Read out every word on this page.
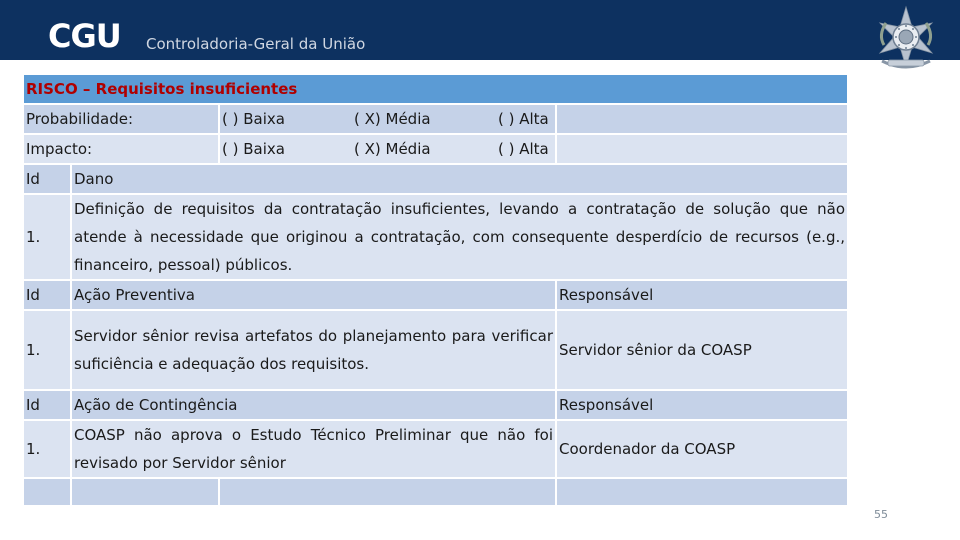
CGU Controladoria-Geral da União
RISCO – Requisitos insuficientes			
Probabilidade:		( ) Baixa ( X) Média ( ) Alta	
Impacto:		( ) Baixa ( X) Média ( ) Alta	
Id	Dano		
1.	Definição de requisitos da contratação insuficientes, levando a contratação de solução que não atende à necessidade que originou a contratação, com consequente desperdício de recursos (e.g., financeiro, pessoal) públicos.		
Id	Ação Preventiva		Responsável
1.	Servidor sênior revisa artefatos do planejamento para verificar suficiência e adequação dos requisitos.		Servidor sênior da COASP
Id	Ação de Contingência		Responsável
1.	COASP não aprova o Estudo Técnico Preliminar que não foi revisado por Servidor sênior		Coordenador da COASP

55
